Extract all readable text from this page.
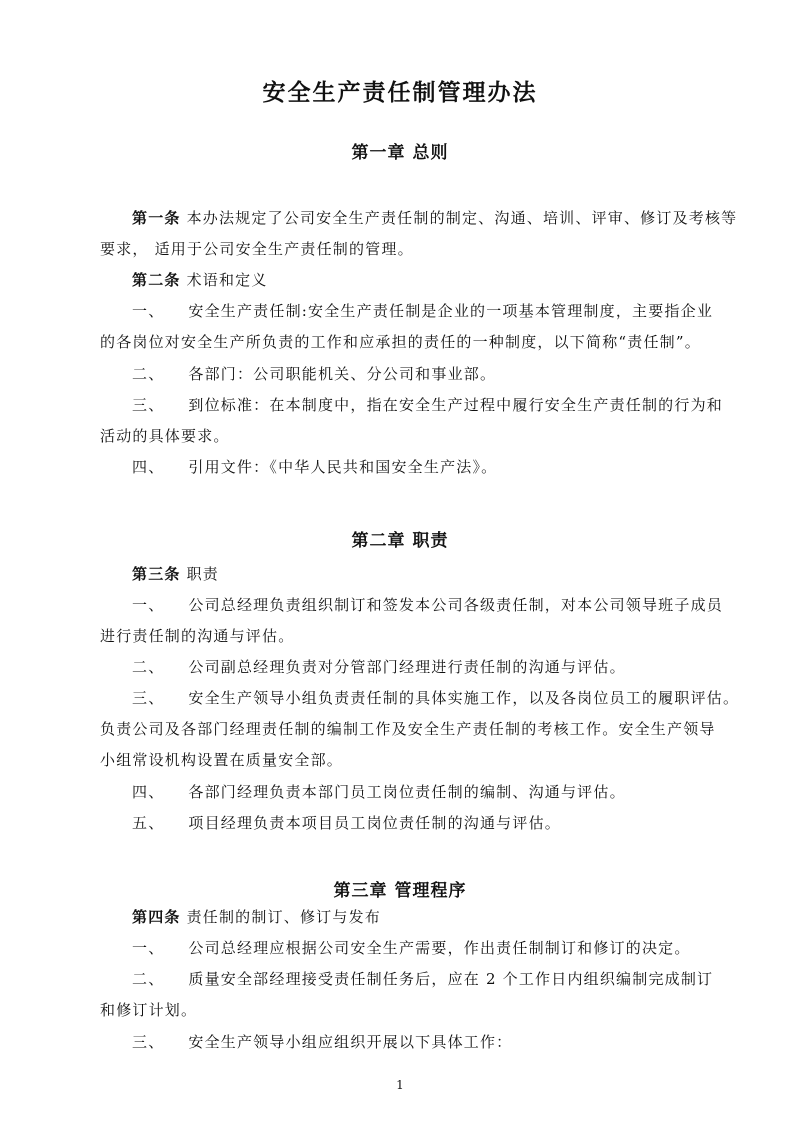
安全生产责任制管理办法
第一章 总则
第一条 本办法规定了公司安全生产责任制的制定、沟通、培训、评审、修订及考核等
要求， 适用于公司安全生产责任制的管理。
第二条 术语和定义
一、 安全生产责任制:安全生产责任制是企业的一项基本管理制度，主要指企业
的各岗位对安全生产所负责的工作和应承担的责任的一种制度，以下简称“责任制”。
二、 各部门：公司职能机关、分公司和事业部。
三、 到位标准：在本制度中，指在安全生产过程中履行安全生产责任制的行为和
活动的具体要求。
四、 引用文件：《中华人民共和国安全生产法》。
第二章 职责
第三条 职责
一、 公司总经理负责组织制订和签发本公司各级责任制，对本公司领导班子成员
进行责任制的沟通与评估。
二、 公司副总经理负责对分管部门经理进行责任制的沟通与评估。
三、 安全生产领导小组负责责任制的具体实施工作，以及各岗位员工的履职评估。
负责公司及各部门经理责任制的编制工作及安全生产责任制的考核工作。安全生产领导
小组常设机构设置在质量安全部。
四、 各部门经理负责本部门员工岗位责任制的编制、沟通与评估。
五、 项目经理负责本项目员工岗位责任制的沟通与评估。
第三章 管理程序
第四条 责任制的制订、修订与发布
一、 公司总经理应根据公司安全生产需要，作出责任制制订和修订的决定。
二、 质量安全部经理接受责任制任务后，应在 2 个工作日内组织编制完成制订
和修订计划。
三、 安全生产领导小组应组织开展以下具体工作：
1
